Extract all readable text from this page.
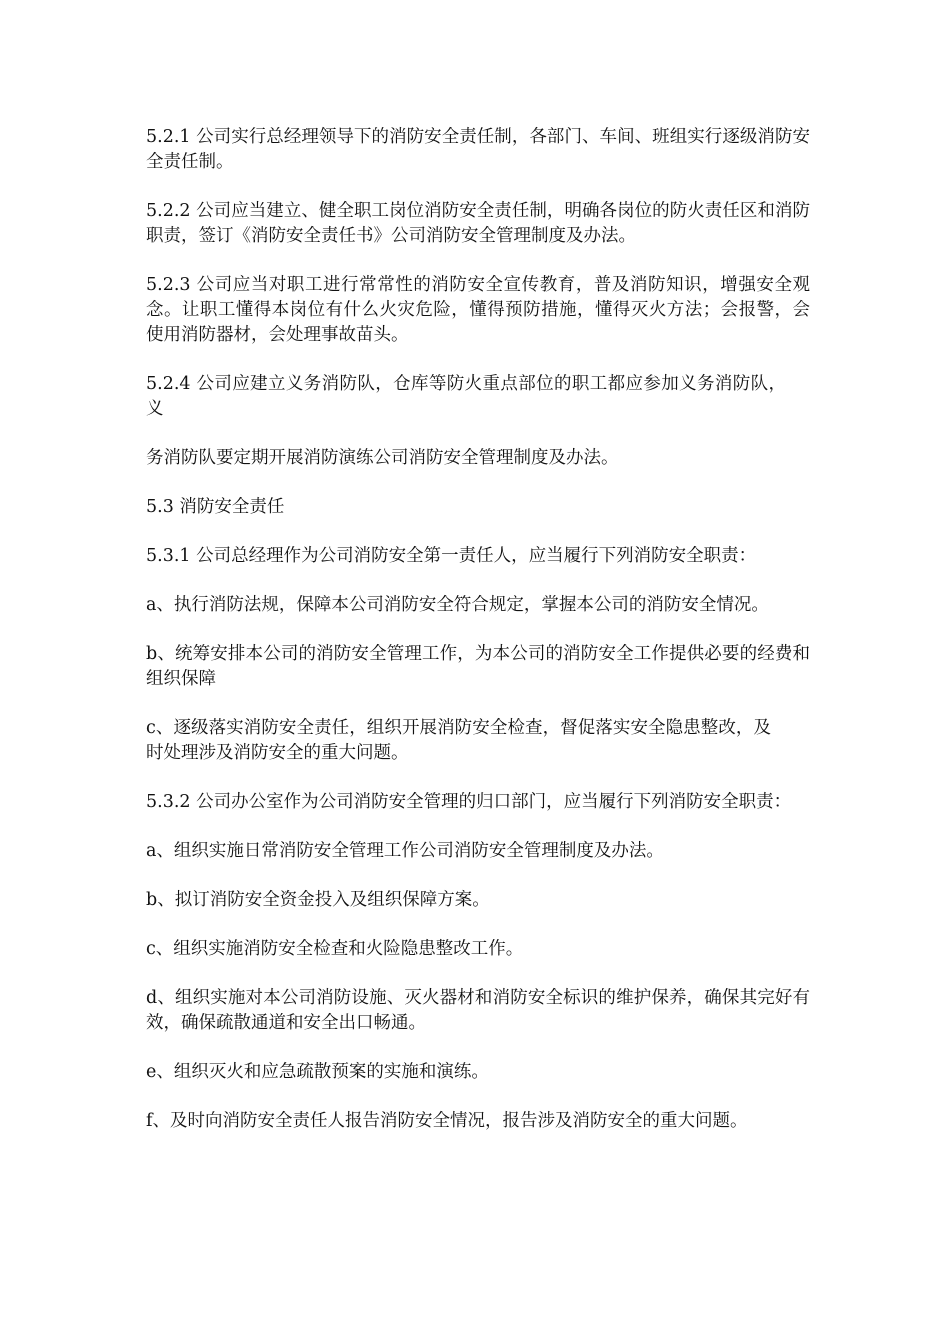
5.2.1 公司实行总经理领导下的消防安全责任制，各部门、车间、班组实行逐级消防安全责任制。

5.2.2 公司应当建立、健全职工岗位消防安全责任制，明确各岗位的防火责任区和消防职责，签订《消防安全责任书》公司消防安全管理制度及办法。

5.2.3 公司应当对职工进行常常性的消防安全宣传教育，普及消防知识，增强安全观念。让职工懂得本岗位有什么火灾危险，懂得预防措施，懂得灭火方法；会报警，会使用消防器材，会处理事故苗头。

5.2.4 公司应建立义务消防队，仓库等防火重点部位的职工都应参加义务消防队，义

务消防队要定期开展消防演练公司消防安全管理制度及办法。

5.3 消防安全责任

5.3.1 公司总经理作为公司消防安全第一责任人，应当履行下列消防安全职责：

a、执行消防法规，保障本公司消防安全符合规定，掌握本公司的消防安全情况。

b、统筹安排本公司的消防安全管理工作，为本公司的消防安全工作提供必要的经费和组织保障

c、逐级落实消防安全责任，组织开展消防安全检查，督促落实安全隐患整改，及时处理涉及消防安全的重大问题。

5.3.2 公司办公室作为公司消防安全管理的归口部门，应当履行下列消防安全职责：

a、组织实施日常消防安全管理工作公司消防安全管理制度及办法。

b、拟订消防安全资金投入及组织保障方案。

c、组织实施消防安全检查和火险隐患整改工作。

d、组织实施对本公司消防设施、灭火器材和消防安全标识的维护保养，确保其完好有效，确保疏散通道和安全出口畅通。

e、组织灭火和应急疏散预案的实施和演练。

f、及时向消防安全责任人报告消防安全情况，报告涉及消防安全的重大问题。
